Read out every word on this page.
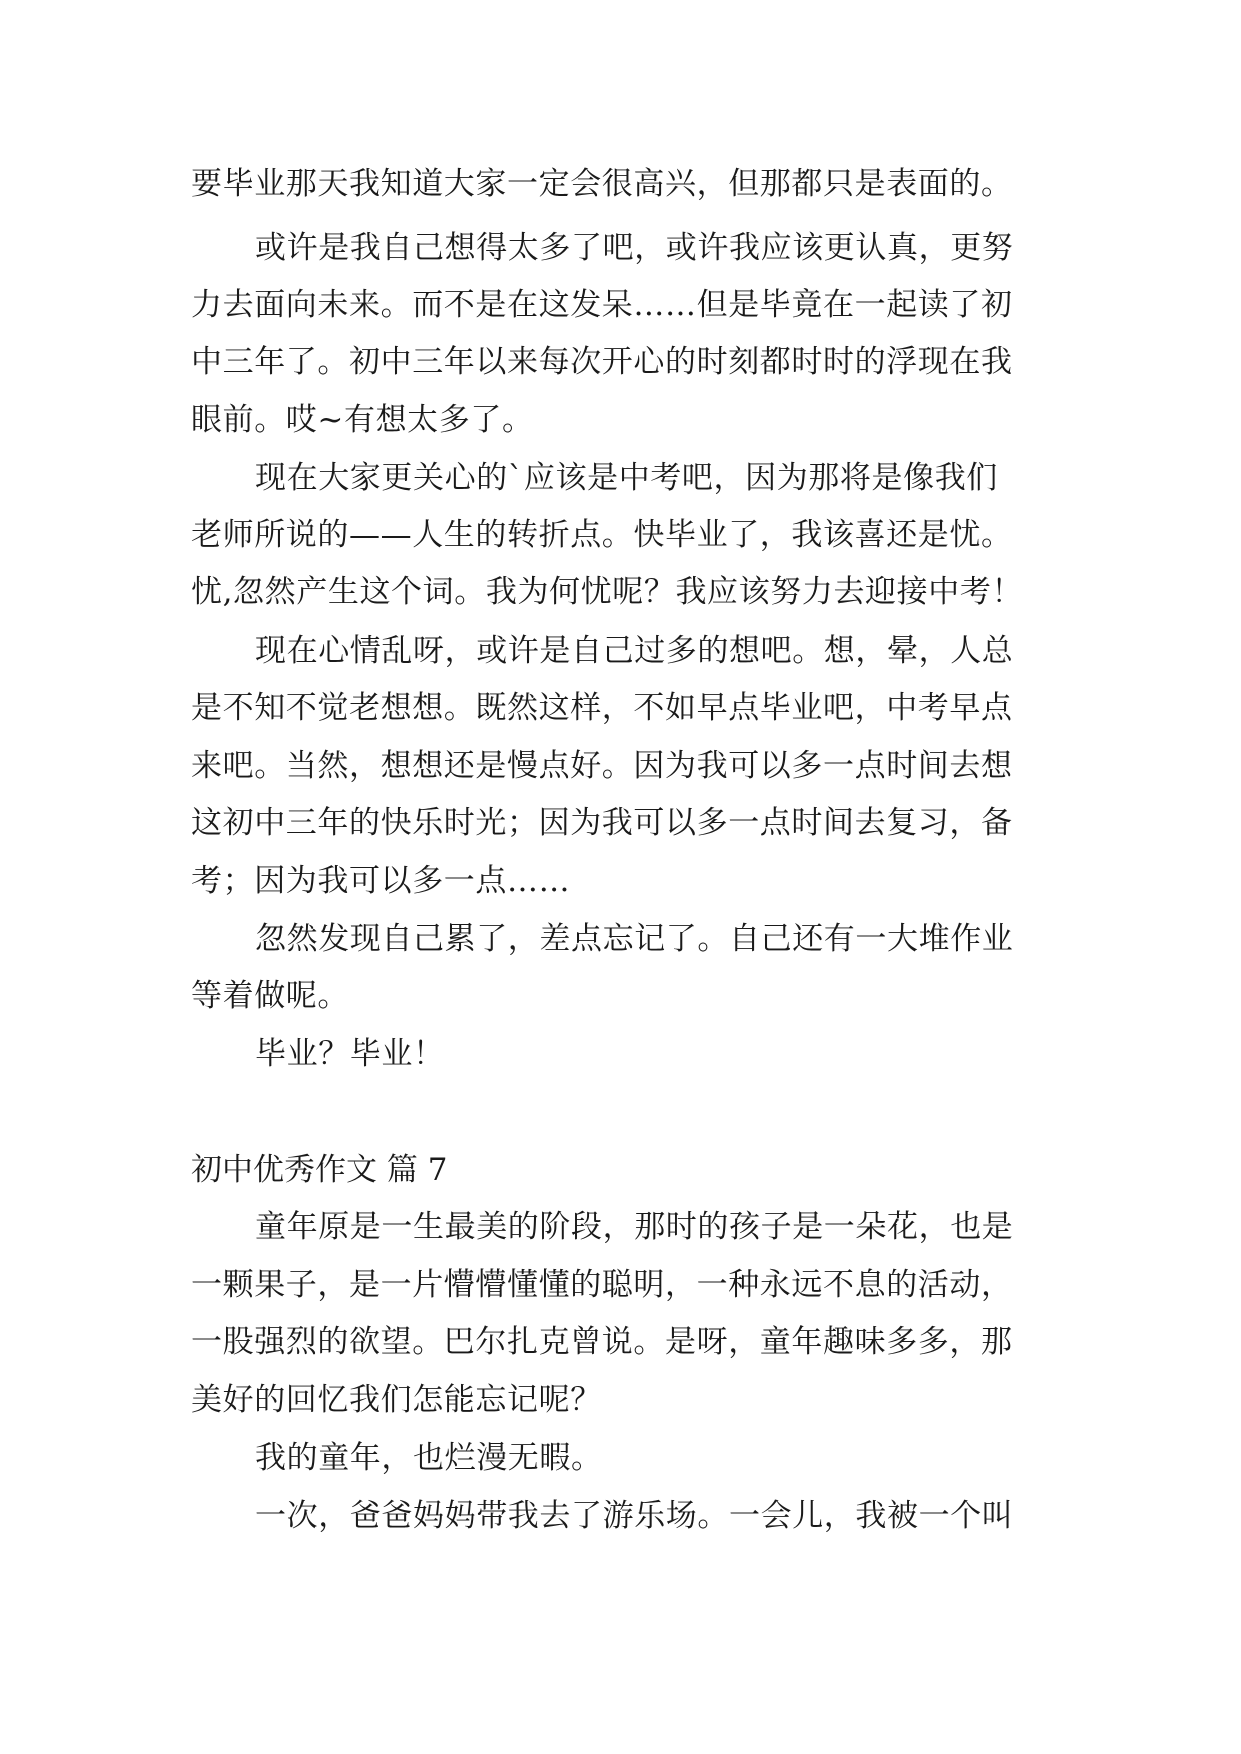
要毕业那天我知道大家一定会很高兴，但那都只是表面的。
或许是我自己想得太多了吧，或许我应该更认真，更努
力去面向未来。而不是在这发呆……但是毕竟在一起读了初
中三年了。初中三年以来每次开心的时刻都时时的浮现在我
眼前。哎~有想太多了。
现在大家更关心的`应该是中考吧，因为那将是像我们
老师所说的——人生的转折点。快毕业了，我该喜还是忧。
忧,忽然产生这个词。我为何忧呢？我应该努力去迎接中考！
现在心情乱呀，或许是自己过多的想吧。想，晕，人总
是不知不觉老想想。既然这样，不如早点毕业吧，中考早点
来吧。当然，想想还是慢点好。因为我可以多一点时间去想
这初中三年的快乐时光；因为我可以多一点时间去复习，备
考；因为我可以多一点……
忽然发现自己累了，差点忘记了。自己还有一大堆作业
等着做呢。
毕业？毕业！
初中优秀作文 篇 7
童年原是一生最美的阶段，那时的孩子是一朵花，也是
一颗果子，是一片懵懵懂懂的聪明，一种永远不息的活动，
一股强烈的欲望。巴尔扎克曾说。是呀，童年趣味多多，那
美好的回忆我们怎能忘记呢？
我的童年，也烂漫无暇。
一次，爸爸妈妈带我去了游乐场。一会儿，我被一个叫
